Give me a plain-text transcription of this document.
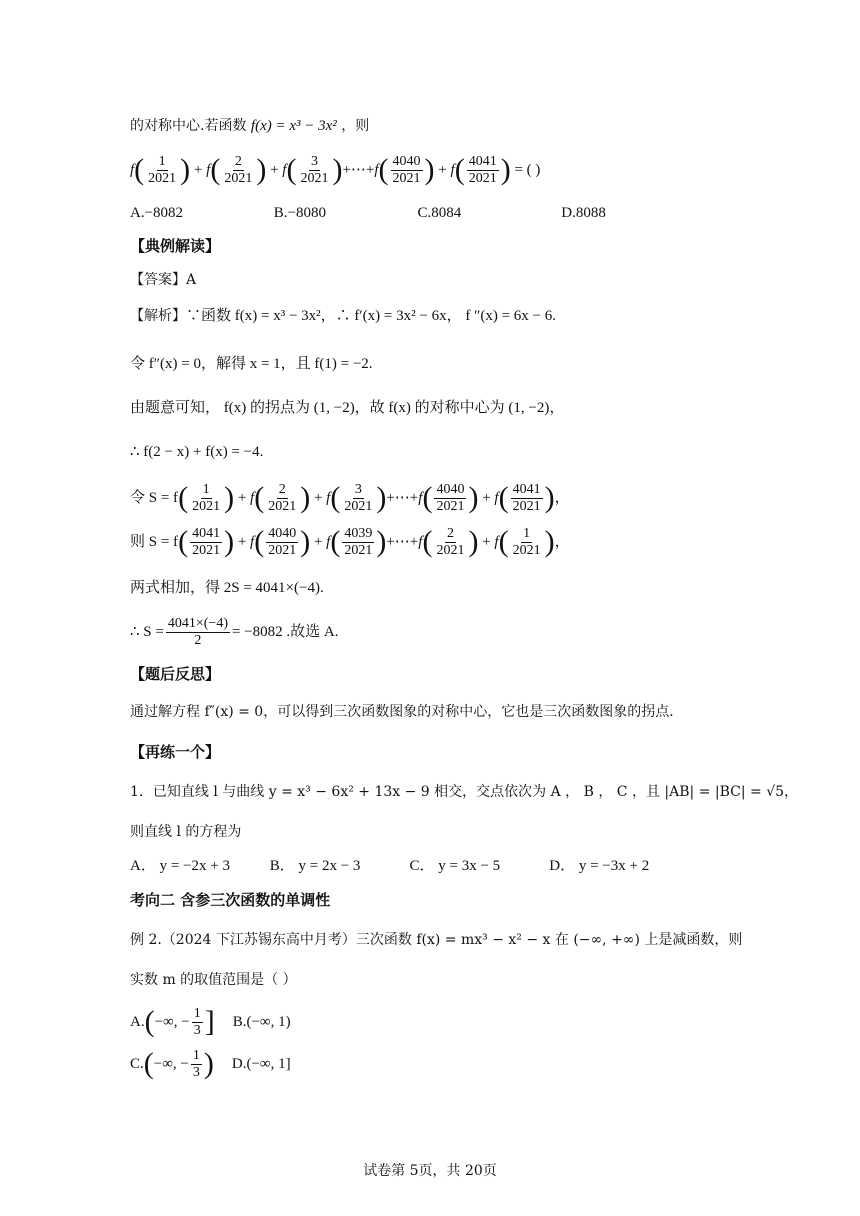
的对称中心.若函数 f(x) = x³ − 3x² ，则
f ( $\frac{1}{2021}$ ) + f ( $\frac{2}{2021}$ ) + f ( $\frac{3}{2021}$ ) +⋯+ f ( $\frac{4040}{2021}$ ) + f ( $\frac{4041}{2021}$ )
= ( )
A.−8082	B.−8080	C.8084	D.8088
【典例解读】
【答案】A
【解析】∵函数 f(x) = x³ − 3x²，∴ f′(x) = 3x² − 6x， f ″(x) = 6x − 6.
令 f″(x) = 0，解得 x = 1，且 f(1) = −2.
由题意可知， f(x) 的拐点为 (1, −2)，故 f(x) 的对称中心为 (1, −2)，
∴ f(2 − x) + f(x) = −4.
令 S = f ( $\frac{1}{2021}$ ) + f ( $\frac{2}{2021}$ ) + f ( $\frac{3}{2021}$ ) +⋯+ f ( $\frac{4040}{2021}$ ) + f ( $\frac{4041}{2021}$ ) ，
则 S = f ( $\frac{4041}{2021}$ ) + f ( $\frac{4040}{2021}$ ) + f ( $\frac{4039}{2021}$ ) +⋯+ f ( $\frac{2}{2021}$ ) + f ( $\frac{1}{2021}$ ) ，
两式相加，得 2S = 4041×(−4).
∴ $S = \frac{4041\times(-4)}{2} = -8082$ .故选 A.
【题后反思】
通过解方程 f″(x) = 0，可以得到三次函数图象的对称中心，它也是三次函数图象的拐点.
【再练一个】
1．已知直线 l 与曲线 y = x³ − 6x² + 13x − 9 相交，交点依次为 A ， B ， C ，且 |AB| = |BC| = √5，
则直线 l 的方程为
A． y = −2x + 3	B． y = 2x − 3	C． y = 3x − 5	D． y = −3x + 2
考向二 含参三次函数的单调性
例 2.（2024 下江苏锡东高中月考）三次函数 f(x) = mx³ − x² − x 在 (−∞, +∞) 上是减函数，则
实数 m 的取值范围是（ ）
A. ( −∞, − $\frac{1}{3}$ ] B.(−∞, 1)
C. ( −∞, − $\frac{1}{3}$ ) D.(−∞, 1]
试卷第 5页，共 20页
